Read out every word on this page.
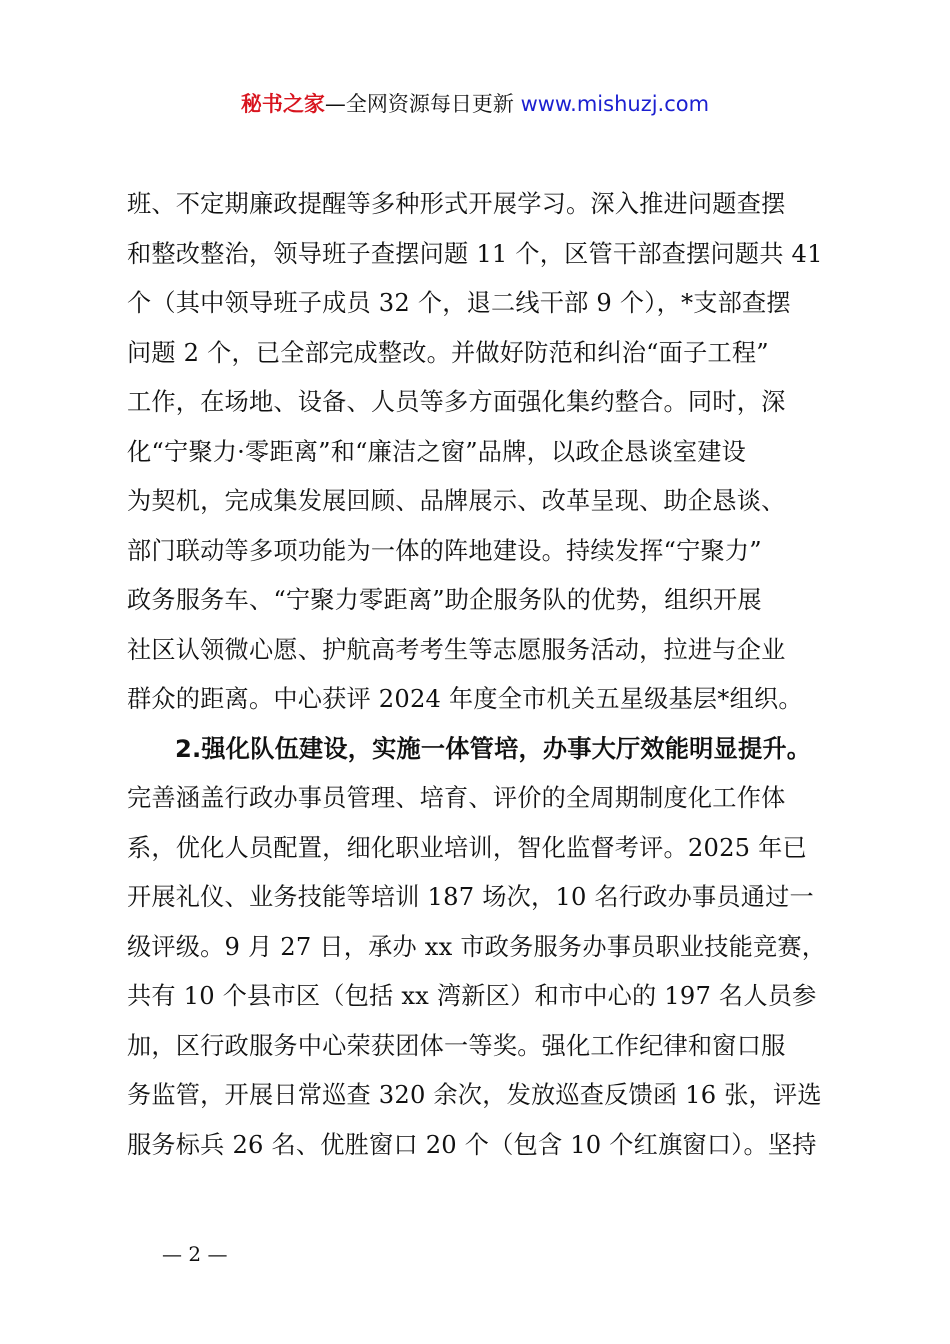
秘书之家—全网资源每日更新 www.mishuzj.com
班、不定期廉政提醒等多种形式开展学习。深入推进问题查摆
和整改整治，领导班子查摆问题 11 个，区管干部查摆问题共 41
个（其中领导班子成员 32 个，退二线干部 9 个），*支部查摆
问题 2 个，已全部完成整改。并做好防范和纠治“面子工程”
工作，在场地、设备、人员等多方面强化集约整合。同时，深
化“宁聚力·零距离”和“廉洁之窗”品牌，以政企恳谈室建设
为契机，完成集发展回顾、品牌展示、改革呈现、助企恳谈、
部门联动等多项功能为一体的阵地建设。持续发挥“宁聚力”
政务服务车、“宁聚力零距离”助企服务队的优势，组织开展
社区认领微心愿、护航高考考生等志愿服务活动，拉进与企业
群众的距离。中心获评 2024 年度全市机关五星级基层*组织。
2.强化队伍建设，实施一体管培，办事大厅效能明显提升。
完善涵盖行政办事员管理、培育、评价的全周期制度化工作体
系，优化人员配置，细化职业培训，智化监督考评。2025 年已
开展礼仪、业务技能等培训 187 场次，10 名行政办事员通过一
级评级。9 月 27 日，承办 xx 市政务服务办事员职业技能竞赛，
共有 10 个县市区（包括 xx 湾新区）和市中心的 197 名人员参
加，区行政服务中心荣获团体一等奖。强化工作纪律和窗口服
务监管，开展日常巡查 320 余次，发放巡查反馈函 16 张，评选
服务标兵 26 名、优胜窗口 20 个（包含 10 个红旗窗口）。坚持
— 2 —
